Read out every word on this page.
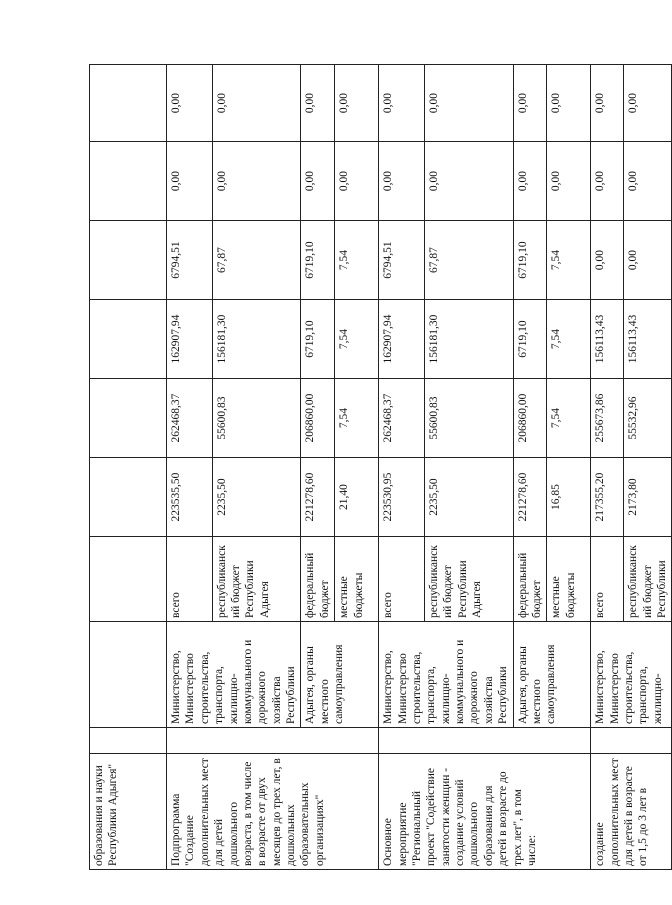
образования и науки Республики Адыгея"									
Подпрограмма "Создание дополнительных мест для детей дошкольного возраста, в том числе в возрасте от двух месяцев до трех лет, в дошкольных образовательных организациях"		Министерство, Министерство строительства, транспорта, жилищно-коммунального и дорожного хозяйства Республики	всего	223535,50	262468,37	162907,94	6794,51	0,00	0,00
			республиканский бюджет Республики Адыгея	2235,50	55600,83	156181,30	67,87	0,00	0,00
		Адыгея, органы местного самоуправления	федеральный бюджет	221278,60	206860,00	6719,10	6719,10	0,00	0,00
			местные бюджеты	21,40	7,54	7,54	7,54	0,00	0,00
Основное мероприятие "Региональный проект "Содействие занятости женщин - создание условий дошкольного образования для детей в возрасте до трех лет", в том числе:		Министерство, Министерство строительства, транспорта, жилищно-коммунального и дорожного хозяйства Республики	всего	223530,95	262468,37	162907,94	6794,51	0,00	0,00
			республиканский бюджет Республики Адыгея	2235,50	55600,83	156181,30	67,87	0,00	0,00
		Адыгея, органы местного самоуправления	федеральный бюджет	221278,60	206860,00	6719,10	6719,10	0,00	0,00
			местные бюджеты	16,85	7,54	7,54	7,54	0,00	0,00
создание дополнительных мест для детей в возрасте от 1,5 до 3 лет в		Министерство, Министерство строительства, транспорта, жилищно-	всего	217355,20	255673,86	156113,43	0,00	0,00	0,00
			республиканский бюджет Республики	2173,80	55532,96	156113,43	0,00	0,00	0,00
